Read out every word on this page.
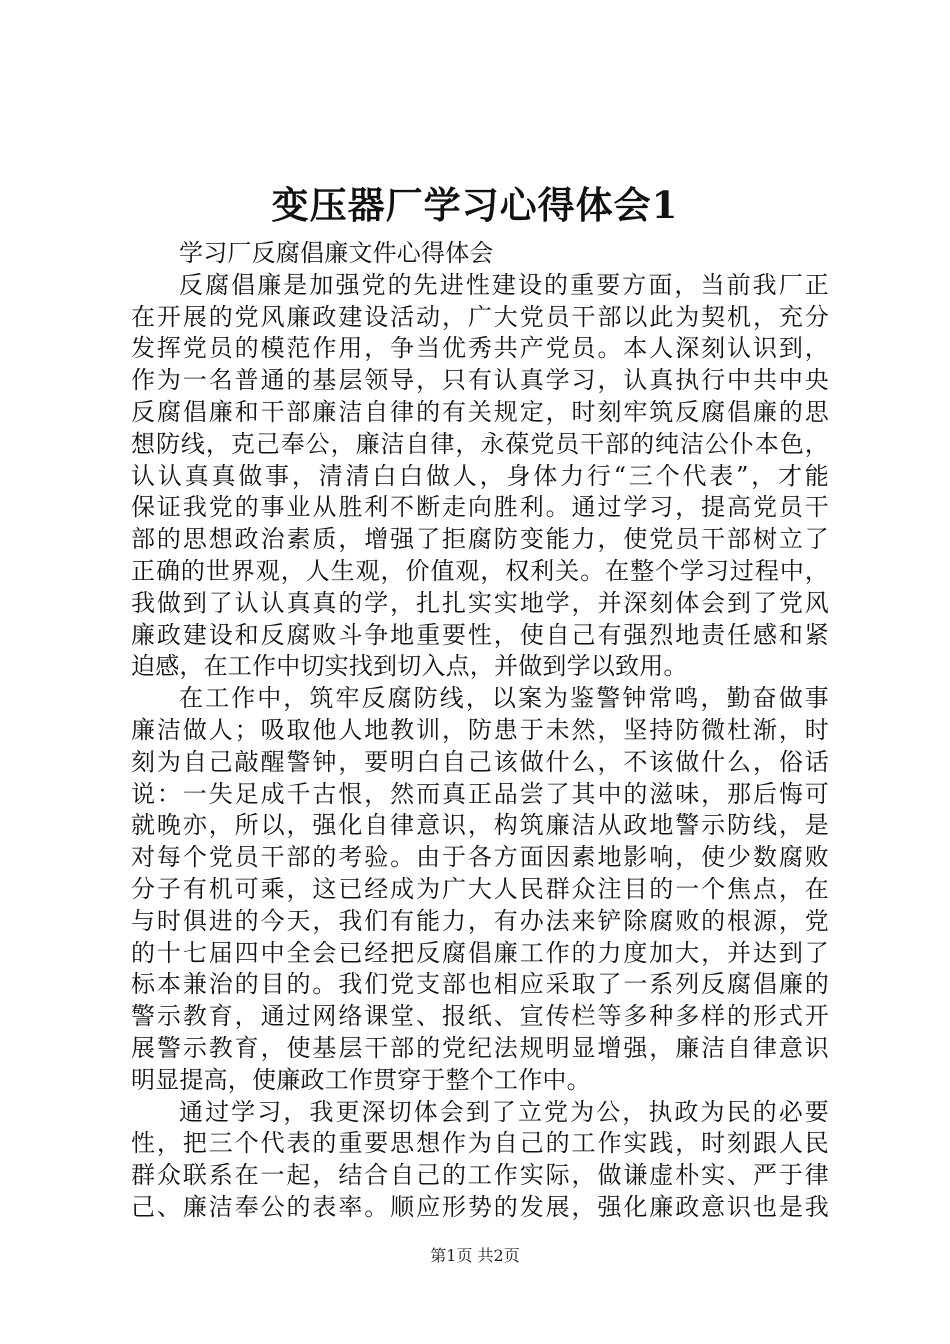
变压器厂学习心得体会1
学习厂反腐倡廉文件心得体会
反腐倡廉是加强党的先进性建设的重要方面，当前我厂正
在开展的党风廉政建设活动，广大党员干部以此为契机，充分
发挥党员的模范作用，争当优秀共产党员。本人深刻认识到，
作为一名普通的基层领导，只有认真学习，认真执行中共中央
反腐倡廉和干部廉洁自律的有关规定，时刻牢筑反腐倡廉的思
想防线，克己奉公，廉洁自律，永葆党员干部的纯洁公仆本色，
认认真真做事，清清白白做人，身体力行“三个代表”，才能
保证我党的事业从胜利不断走向胜利。通过学习，提高党员干
部的思想政治素质，增强了拒腐防变能力，使党员干部树立了
正确的世界观，人生观，价值观，权利关。在整个学习过程中，
我做到了认认真真的学，扎扎实实地学，并深刻体会到了党风
廉政建设和反腐败斗争地重要性，使自己有强烈地责任感和紧
迫感，在工作中切实找到切入点，并做到学以致用。
在工作中，筑牢反腐防线，以案为鉴警钟常鸣，勤奋做事
廉洁做人；吸取他人地教训，防患于未然，坚持防微杜渐，时
刻为自己敲醒警钟，要明白自己该做什么，不该做什么，俗话
说：一失足成千古恨，然而真正品尝了其中的滋味，那后悔可
就晚亦，所以，强化自律意识，构筑廉洁从政地警示防线，是
对每个党员干部的考验。由于各方面因素地影响，使少数腐败
分子有机可乘，这已经成为广大人民群众注目的一个焦点，在
与时俱进的今天，我们有能力，有办法来铲除腐败的根源，党
的十七届四中全会已经把反腐倡廉工作的力度加大，并达到了
标本兼治的目的。我们党支部也相应采取了一系列反腐倡廉的
警示教育，通过网络课堂、报纸、宣传栏等多种多样的形式开
展警示教育，使基层干部的党纪法规明显增强，廉洁自律意识
明显提高，使廉政工作贯穿于整个工作中。
通过学习，我更深切体会到了立党为公，执政为民的必要
性，把三个代表的重要思想作为自己的工作实践，时刻跟人民
群众联系在一起，结合自己的工作实际，做谦虚朴实、严于律
己、廉洁奉公的表率。顺应形势的发展，强化廉政意识也是我
第1页 共2页
